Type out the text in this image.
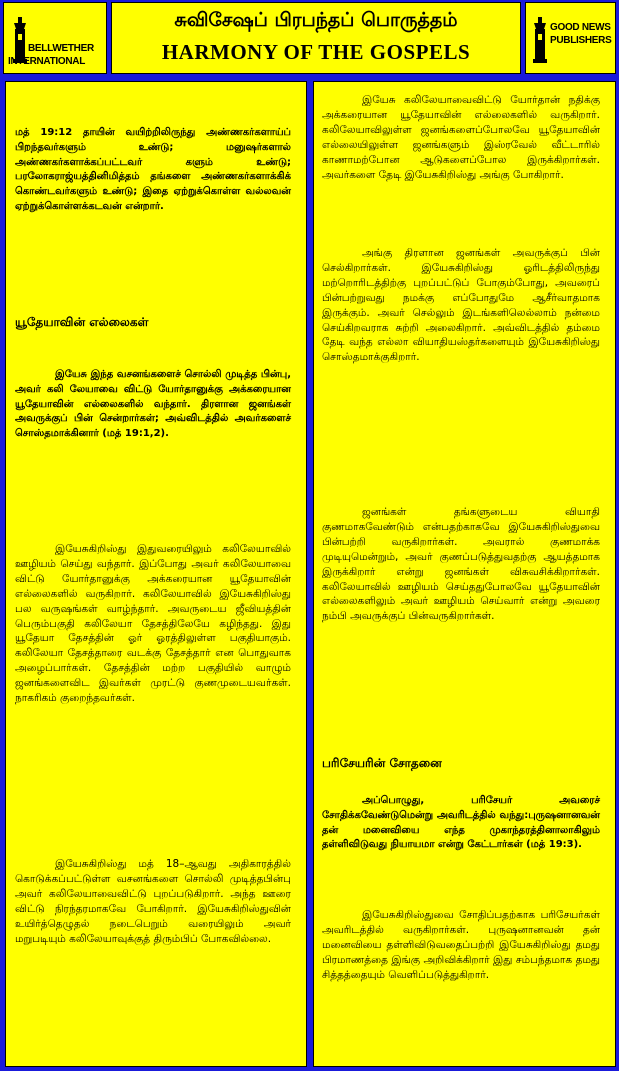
BELLWETHER
INTERNATIONAL
சுவிசேஷப் பிரபந்தப் பொருத்தம்
HARMONY OF THE GOSPELS
GOOD NEWS
PUBLISHERS

மத் 19:12 தாயின் வயிற்றிலிருந்து அண்ணகர்களாய்ப் பிறந்தவர்களும் உண்டு; மனுஷர்களால் அண்ணகர்களாக்கப்பட்டவர் களும் உண்டு; பரலோகராஜ்யத்தினிமித்தம் தங்களை அண்ணகர்களாக்கிக் கொண்டவர்களும் உண்டு; இதை ஏற்றுக்கொள்ள வல்லவன் ஏற்றுக்கொள்ளக்கடவன் என்றார்.

யூதேயாவின் எல்லைகள்

இயேசு இந்த வசனங்களைச் சொல்லி முடித்த பின்பு, அவர் கலி லேயாவை விட்டு யோர்தானுக்கு அக்கரையான யூதேயாவின் எல்லைகளில் வந்தார். திரளான ஜனங்கள் அவருக்குப் பின் சென்றார்கள்; அவ்விடத்தில் அவர்களைச் சொஸ்தமாக்கினார் (மத் 19:1,2).

இயேசுகிறிஸ்து இதுவரையிலும் கலிலேயாவில் ஊழியம் செய்து வந்தார். இப்போது அவர் கலிலேயாவை விட்டு யோர்தானுக்கு அக்கரையான யூதேயாவின் எல்லைகளில் வருகிறார். கலிலேயாவில் இயேசுகிறிஸ்து பல வருஷங்கள் வாழ்ந்தார். அவருடைய ஜீவியத்தின் பெரும்பகுதி கலிலேயா தேசத்திலேயே கழிந்தது. இது யூதேயா தேசத்தின் ஓர் ஓரத்திலுள்ள பகுதியாகும். கலிலேயா தேசத்தாரை வடக்கு தேசத்தார் என பொதுவாக அழைப்பார்கள். தேசத்தின் மற்ற பகுதியில் வாழும் ஜனங்களைவிட இவர்கள் முரட்டு குணமுடையவர்கள். நாகரிகம் குறைந்தவர்கள்.

இயேசுகிறிஸ்து மத் 18–ஆவது அதிகாரத்தில் கொடுக்கப்பட்டுள்ள வசனங்களை சொல்லி முடித்தபின்பு அவர் கலிலேயாவைவிட்டு புறப்படுகிறார். அந்த ஊரை விட்டு நிரந்தரமாகவே போகிறார். இயேசுகிறிஸ்துவின் உயிர்த்தெழுதல் நடைபெறும் வரையிலும் அவர் மறுபடியும் கலிலேயாவுக்குத் திரும்பிப் போகவில்லை.

இயேசு கலிலேயாவைவிட்டு யோர்தான் நதிக்கு அக்கரையான யூதேயாவின் எல்லைகளில் வருகிறார். கலிலேயாவிலுள்ள ஜனங்களைப்போலவே யூதேயாவின் எல்லையிலுள்ள ஜனங்களும் இஸ்ரவேல் வீட்டாரில் காணாமற்போன ஆடுகளைப்போல இருக்கிறார்கள். அவர்களை தேடி இயேசுகிறிஸ்து அங்கு போகிறார்.

அங்கு திரளான ஜனங்கள் அவருக்குப் பின் செல்கிறார்கள். இயேசுகிறிஸ்து ஓரிடத்திலிருந்து மற்றொரிடத்திற்கு புறப்பட்டுப் போகும்போது, அவரைப் பின்பற்றுவது நமக்கு எப்போதுமே ஆசீர்வாதமாக இருக்கும். அவர் செல்லும் இடங்களிலெல்லாம் நன்மை செய்கிறவராக சுற்றி அலைகிறார். அவ்விடத்தில் தம்மை தேடி வந்த எல்லா வியாதியஸ்தர்களையும் இயேசுகிறிஸ்து சொஸ்தமாக்குகிறார்.

ஜனங்கள் தங்களுடைய வியாதி குணமாகவேண்டும் என்பதற்காகவே இயேசுகிறிஸ்துவை பின்பற்றி வருகிறார்கள். அவரால் குணமாக்க முடியுமென்றும், அவர் குணப்படுத்துவதற்கு ஆயத்தமாக இருக்கிறார் என்று ஜனங்கள் விசுவசிக்கிறார்கள். கலிலேயாவில் ஊழியம் செய்ததுபோலவே யூதேயாவின் எல்லைகளிலும் அவர் ஊழியம் செய்வார் என்று அவரை நம்பி அவருக்குப் பின்வருகிறார்கள்.

பரிசேயரின் சோதனை

அப்பொழுது, பரிசேயர் அவரைச் சோதிக்கவேண்டுமென்று அவரிடத்தில் வந்து:புருஷனானவன் தன் மனைவியை எந்த முகாந்தரத்தினாலாகிலும் தள்ளிவிடுவது நியாயமா என்று கேட்டார்கள் (மத் 19:3).

இயேசுகிறிஸ்துவை சோதிப்பதற்காக பரிசேயர்கள் அவரிடத்தில் வருகிறார்கள். புருஷனானவன் தன் மனைவியை தள்ளிவிடுவதைப்பற்றி இயேசுகிறிஸ்து தமது பிரமாணத்தை இங்கு அறிவிக்கிறார் இது சம்பந்தமாக தமது சித்தத்தையும் வெளிப்படுத்துகிறார்.
